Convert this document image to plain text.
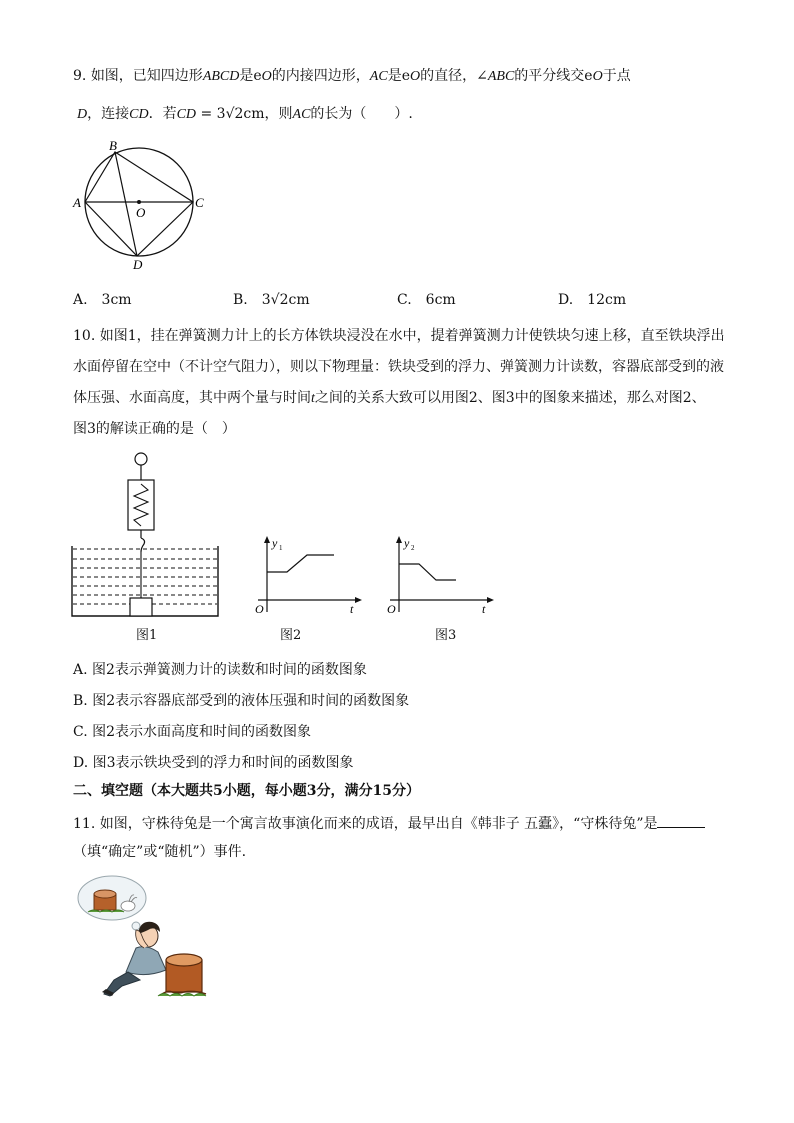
9. 如图，已知四边形ABCD是eO的内接四边形，AC是eO的直径，∠ABC的平分线交eO于点
D，连接CD．若CD = 3√2cm，则AC的长为（　　）.
B
A
O
C
D
A.　3cm	B.　3√2cm	C.　6cm	D.　12cm
10. 如图1，挂在弹簧测力计上的长方体铁块浸没在水中，提着弹簧测力计使铁块匀速上移，直至铁块浮出
水面停留在空中（不计空气阻力），则以下物理量：铁块受到的浮力、弹簧测力计读数，容器底部受到的液
体压强、水面高度，其中两个量与时间t之间的关系大致可以用图2、图3中的图象来描述，那么对图2、
图3的解读正确的是（　）
图1
y 1
O	t
图2
y 2
O	t
图3
A. 图2表示弹簧测力计的读数和时间的函数图象
B. 图2表示容器底部受到的液体压强和时间的函数图象
C. 图2表示水面高度和时间的函数图象
D. 图3表示铁块受到的浮力和时间的函数图象
二、填空题（本大题共5小题，每小题3分，满分15分）
11. 如图，守株待兔是一个寓言故事演化而来的成语，最早出自《韩非子 五蠹》，“守株待兔”是
（填“确定”或“随机”）事件.
